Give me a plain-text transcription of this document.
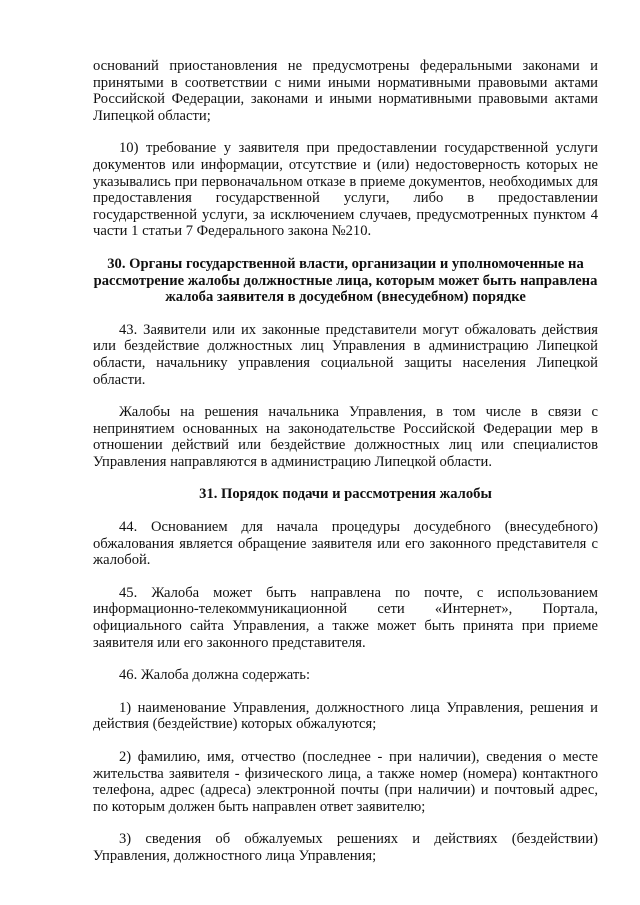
оснований приостановления не предусмотрены федеральными законами и принятыми в соответствии с ними иными нормативными правовыми актами Российской Федерации, законами и иными нормативными правовыми актами Липецкой области;

10) требование у заявителя при предоставлении государственной услуги документов или информации, отсутствие и (или) недостоверность которых не указывались при первоначальном отказе в приеме документов, необходимых для предоставления государственной услуги, либо в предоставлении государственной услуги, за исключением случаев, предусмотренных пунктом 4 части 1 статьи 7 Федерального закона №210.

30. Органы государственной власти, организации и уполномоченные на рассмотрение жалобы должностные лица, которым может быть направлена жалоба заявителя в досудебном (внесудебном) порядке

43. Заявители или их законные представители могут обжаловать действия или бездействие должностных лиц Управления в администрацию Липецкой области, начальнику управления социальной защиты населения Липецкой области.

Жалобы на решения начальника Управления, в том числе в связи с непринятием основанных на законодательстве Российской Федерации мер в отношении действий или бездействие должностных лиц или специалистов Управления направляются в администрацию Липецкой области.

31. Порядок подачи и рассмотрения жалобы

44. Основанием для начала процедуры досудебного (внесудебного) обжалования является обращение заявителя или его законного представителя с жалобой.

45. Жалоба может быть направлена по почте, с использованием информационно-телекоммуникационной сети «Интернет», Портала, официального сайта Управления, а также может быть принята при приеме заявителя или его законного представителя.

46. Жалоба должна содержать:

1) наименование Управления, должностного лица Управления, решения и действия (бездействие) которых обжалуются;

2) фамилию, имя, отчество (последнее - при наличии), сведения о месте жительства заявителя - физического лица, а также номер (номера) контактного телефона, адрес (адреса) электронной почты (при наличии) и почтовый адрес, по которым должен быть направлен ответ заявителю;

3) сведения об обжалуемых решениях и действиях (бездействии) Управления, должностного лица Управления;
